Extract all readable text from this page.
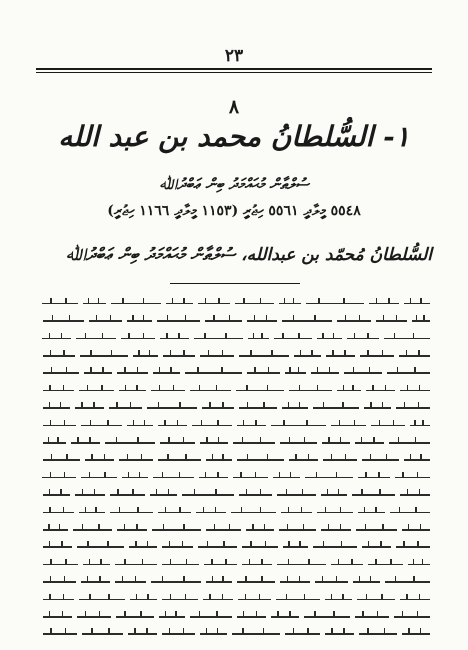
٢٣
٨
١- السُّلطانُ محمد بن عبد الله
ސުލްޠާން މުޙައްމަދު ބިން ޢަބްދުﷲ
٥٥٤٨ މީލާދީ ٥٥٦١ ހިޖުރީ (١١٥٣ މީލާދީ ١١٦٦ ހިޖުރީ)
السُّلطانُ مُحمّد بن عبدالله، ސުލްޠާން މުޙައްމަދު ބިން ޢަބްދުﷲ
